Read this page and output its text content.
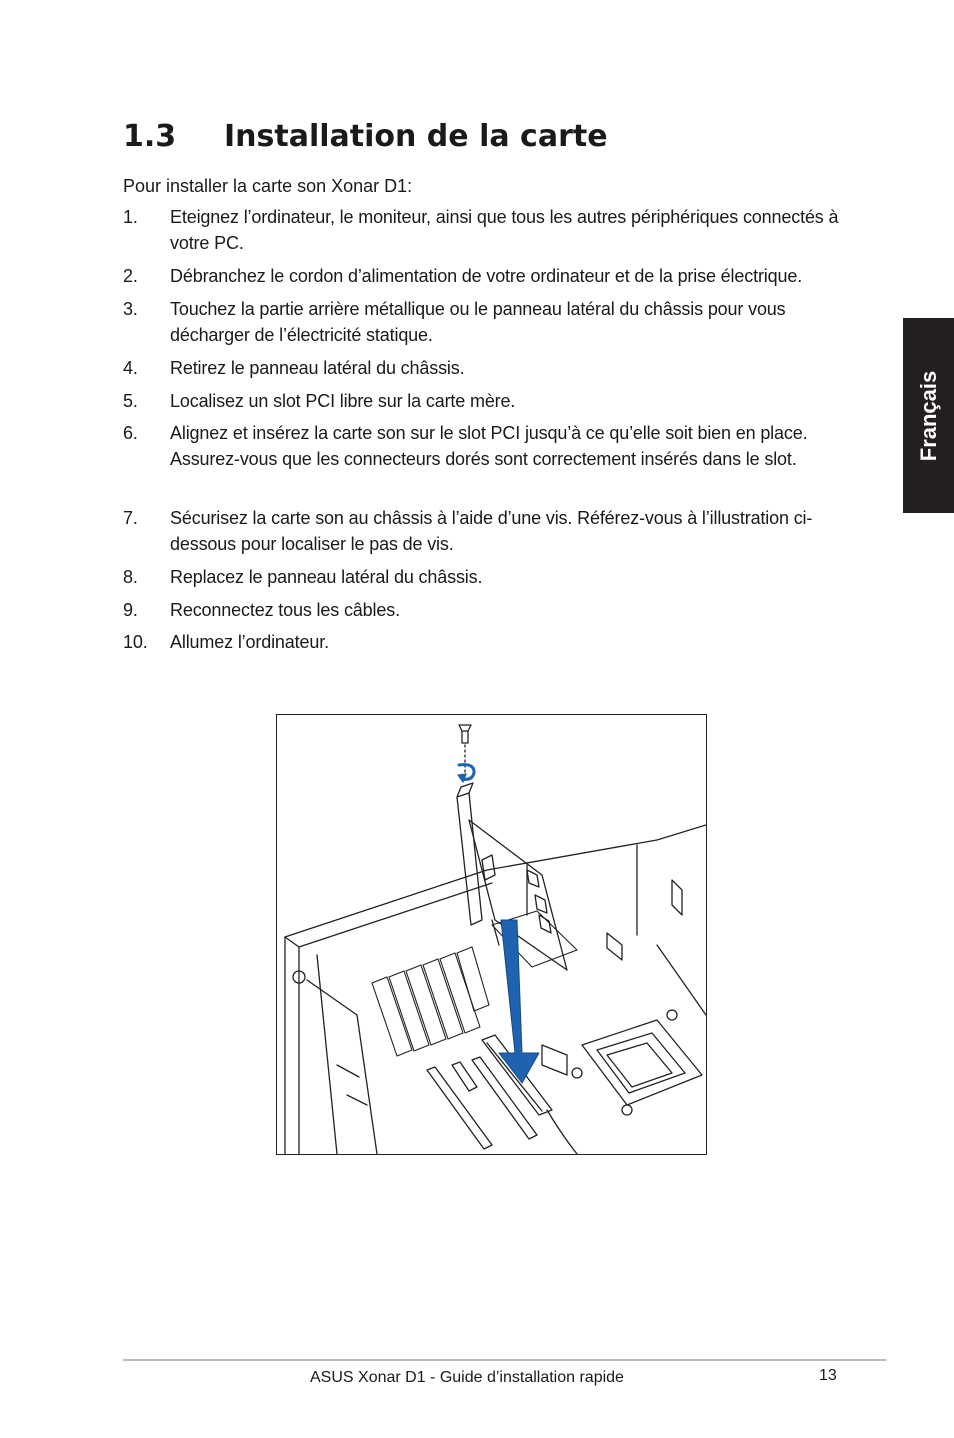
1.3 Installation de la carte
Pour installer la carte son Xonar D1:
1. Eteignez l’ordinateur, le moniteur, ainsi que tous les autres périphériques connectés à votre PC.
2. Débranchez le cordon d’alimentation de votre ordinateur et de la prise électrique.
3. Touchez la partie arrière métallique ou le panneau latéral du châssis pour vous décharger de l’électricité statique.
4. Retirez le panneau latéral du châssis.
5. Localisez un slot PCI libre sur la carte mère.
6. Alignez et insérez la carte son sur le slot PCI jusqu’à ce qu’elle soit bien en place. Assurez-vous que les connecteurs dorés sont correctement insérés dans le slot.
7. Sécurisez la carte son au châssis à l’aide d’une vis. Référez-vous à l’illustration ci-dessous pour localiser le pas de vis.
8. Replacez le panneau latéral du châssis.
9. Reconnectez tous les câbles.
10. Allumez l’ordinateur.
Français
ASUS Xonar D1 - Guide d’installation rapide	13
